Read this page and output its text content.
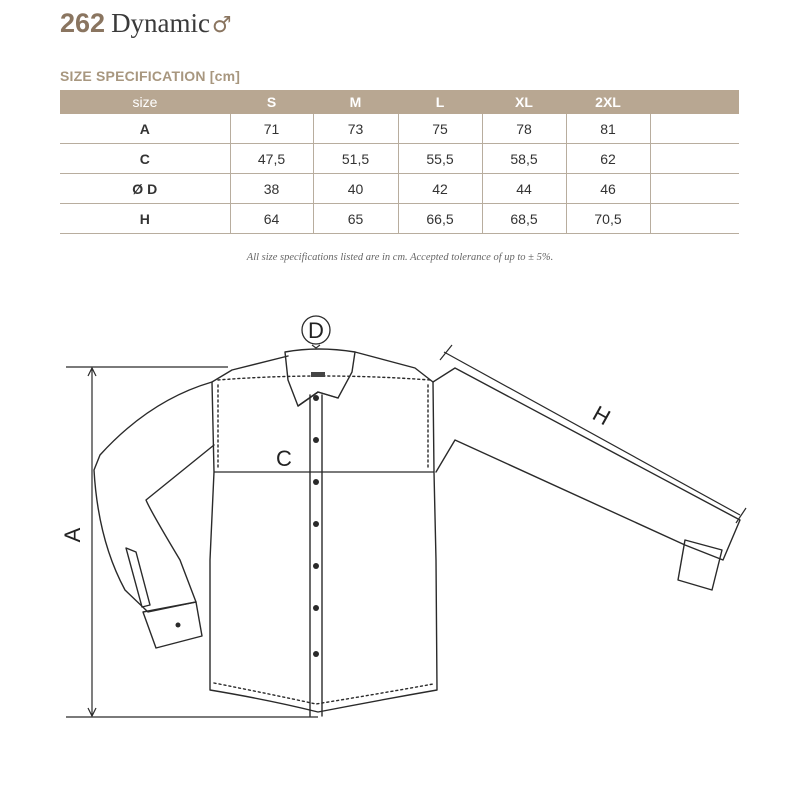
262 Dynamic♂
SIZE SPECIFICATION [cm]
size	S	M	L	XL	2XL	
A	71	73	75	78	81	
C	47,5	51,5	55,5	58,5	62	
Ø D	38	40	42	44	46	
H	64	65	66,5	68,5	70,5	
All size specifications listed are in cm. Accepted tolerance of up to ± 5%.
A
C
D
H
